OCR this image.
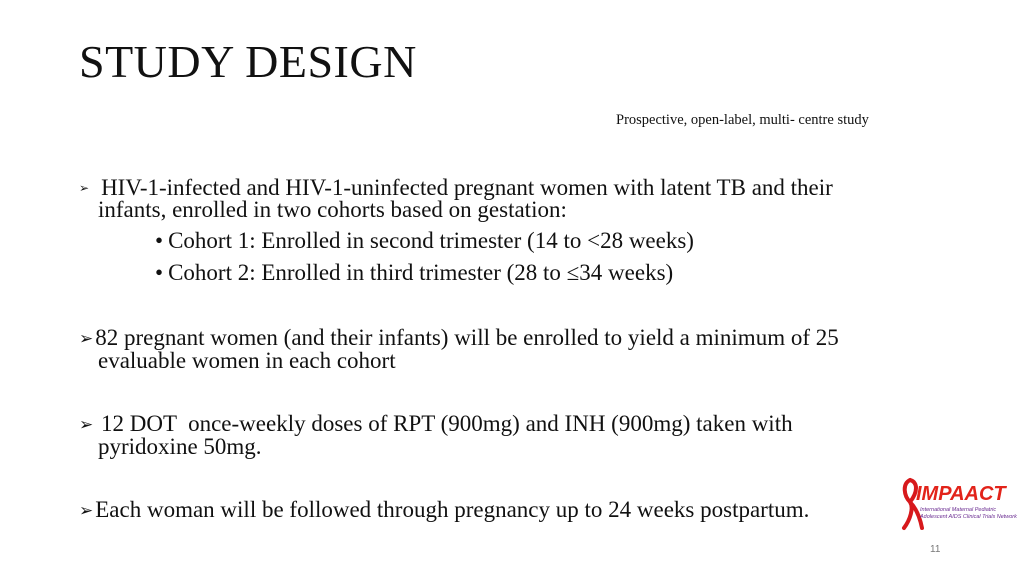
STUDY DESIGN
Prospective, open-label, multi- centre study
➢ HIV-1-infected and HIV-1-uninfected pregnant women with latent TB and their
infants, enrolled in two cohorts based on gestation:
• Cohort 1: Enrolled in second trimester (14 to <28 weeks)
• Cohort 2: Enrolled in third trimester (28 to ≤34 weeks)
➢82 pregnant women (and their infants) will be enrolled to yield a minimum of 25
evaluable women in each cohort
➢ 12 DOT  once-weekly doses of RPT (900mg) and INH (900mg) taken with
pyridoxine 50mg.
➢Each woman will be followed through pregnancy up to 24 weeks postpartum.
IMPAACT
International Maternal Pediatric
Adolescent AIDS Clinical Trials Network
11
